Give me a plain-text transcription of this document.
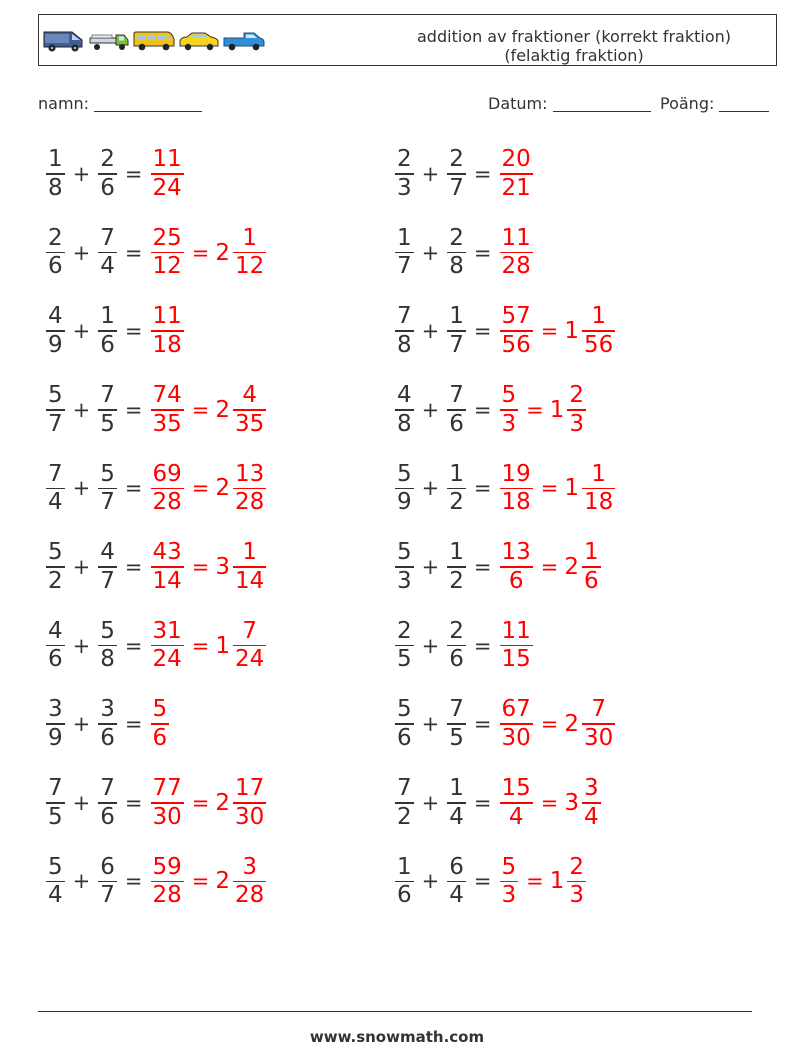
addition av fraktioner (korrekt fraktion)
(felaktig fraktion)
namn:	Datum:	Poäng:
$\frac{1}{8} + \frac{2}{6} = \frac{11}{24}$	$\frac{2}{3} + \frac{2}{7} = \frac{20}{21}$
$\frac{2}{6} + \frac{7}{4} = \frac{25}{12} = 2 \frac{1}{12}$	$\frac{1}{7} + \frac{2}{8} = \frac{11}{28}$
$\frac{4}{9} + \frac{1}{6} = \frac{11}{18}$	$\frac{7}{8} + \frac{1}{7} = \frac{57}{56} = 1 \frac{1}{56}$
$\frac{5}{7} + \frac{7}{5} = \frac{74}{35} = 2 \frac{4}{35}$	$\frac{4}{8} + \frac{7}{6} = \frac{5}{3} = 1 \frac{2}{3}$
$\frac{7}{4} + \frac{5}{7} = \frac{69}{28} = 2 \frac{13}{28}$	$\frac{5}{9} + \frac{1}{2} = \frac{19}{18} = 1 \frac{1}{18}$
$\frac{5}{2} + \frac{4}{7} = \frac{43}{14} = 3 \frac{1}{14}$	$\frac{5}{3} + \frac{1}{2} = \frac{13}{6} = 2 \frac{1}{6}$
$\frac{4}{6} + \frac{5}{8} = \frac{31}{24} = 1 \frac{7}{24}$	$\frac{2}{5} + \frac{2}{6} = \frac{11}{15}$
$\frac{3}{9} + \frac{3}{6} = \frac{5}{6}$	$\frac{5}{6} + \frac{7}{5} = \frac{67}{30} = 2 \frac{7}{30}$
$\frac{7}{5} + \frac{7}{6} = \frac{77}{30} = 2 \frac{17}{30}$	$\frac{7}{2} + \frac{1}{4} = \frac{15}{4} = 3 \frac{3}{4}$
$\frac{5}{4} + \frac{6}{7} = \frac{59}{28} = 2 \frac{3}{28}$	$\frac{1}{6} + \frac{6}{4} = \frac{5}{3} = 1 \frac{2}{3}$
www.snowmath.com
